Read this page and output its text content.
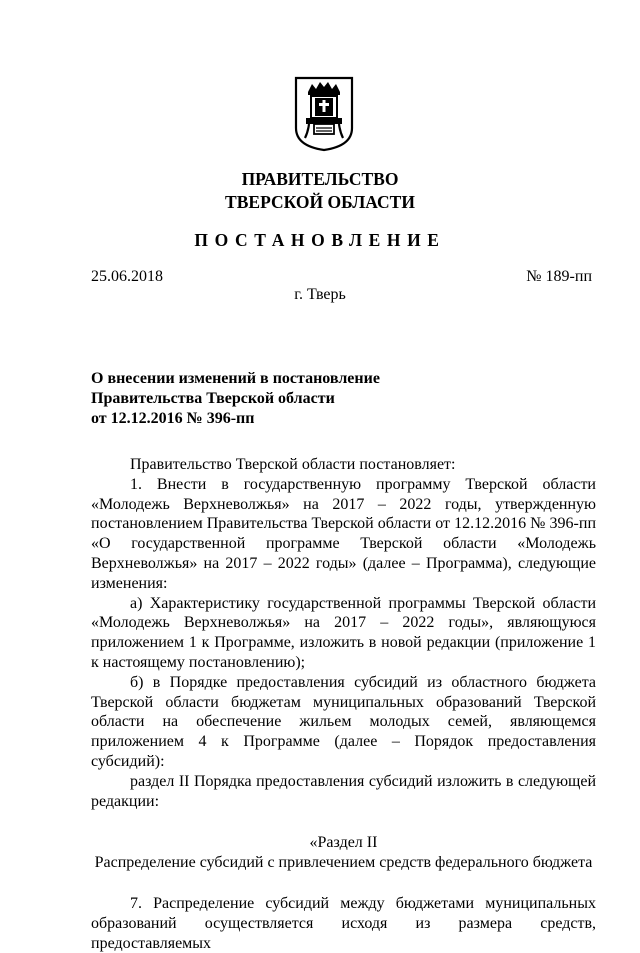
ПРАВИТЕЛЬСТВО
ТВЕРСКОЙ ОБЛАСТИ
ПОСТАНОВЛЕНИЕ
25.06.2018	№ 189-пп
г. Тверь
О внесении изменений в постановление
Правительства Тверской области
от 12.12.2016 № 396-пп

Правительство Тверской области постановляет:

1. Внести в государственную программу Тверской области «Молодежь Верхневолжья» на 2017 – 2022 годы, утвержденную постановлением Правительства Тверской области от 12.12.2016 № 396-пп «О государственной программе Тверской области «Молодежь Верхневолжья» на 2017 – 2022 годы» (далее – Программа), следующие изменения:

а) Характеристику государственной программы Тверской области «Молодежь Верхневолжья» на 2017 – 2022 годы», являющуюся приложением 1 к Программе, изложить в новой редакции (приложение 1 к настоящему постановлению);

б) в Порядке предоставления субсидий из областного бюджета Тверской области бюджетам муниципальных образований Тверской области на обеспечение жильем молодых семей, являющемся приложением 4 к Программе (далее – Порядок предоставления субсидий):

раздел II Порядка предоставления субсидий изложить в следующей редакции:

«Раздел II

Распределение субсидий с привлечением средств федерального бюджета

7. Распределение субсидий между бюджетами муниципальных образований осуществляется исходя из размера средств, предоставляемых
